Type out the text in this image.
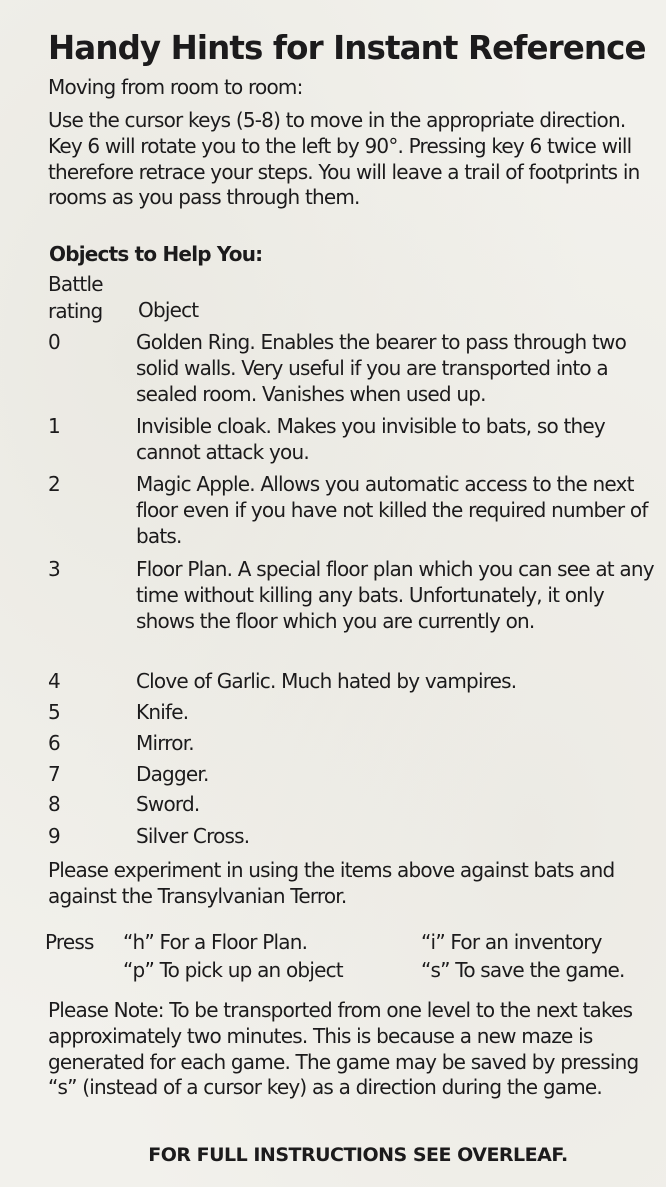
Handy Hints for Instant Reference
Moving from room to room:
Use the cursor keys (5-8) to move in the appropriate direction. Key 6 will rotate you to the left by 90°. Pressing key 6 twice will therefore retrace your steps. You will leave a trail of footprints in rooms as you pass through them.
Objects to Help You:
Battle
rating Object
0	Golden Ring. Enables the bearer to pass through two solid walls. Very useful if you are transported into a sealed room. Vanishes when used up.
1	Invisible cloak. Makes you invisible to bats, so they cannot attack you.
2	Magic Apple. Allows you automatic access to the next floor even if you have not killed the required number of bats.
3	Floor Plan. A special floor plan which you can see at any time without killing any bats. Unfortunately, it only shows the floor which you are currently on.
4	Clove of Garlic. Much hated by vampires.
5	Knife.
6	Mirror.
7	Dagger.
8	Sword.
9	Silver Cross.
Please experiment in using the items above against bats and against the Transylvanian Terror.
Press “h” For a Floor Plan.	“i” For an inventory
“p” To pick up an object	“s” To save the game.
Please Note: To be transported from one level to the next takes approximately two minutes. This is because a new maze is generated for each game. The game may be saved by pressing “s” (instead of a cursor key) as a direction during the game.
FOR FULL INSTRUCTIONS SEE OVERLEAF.
